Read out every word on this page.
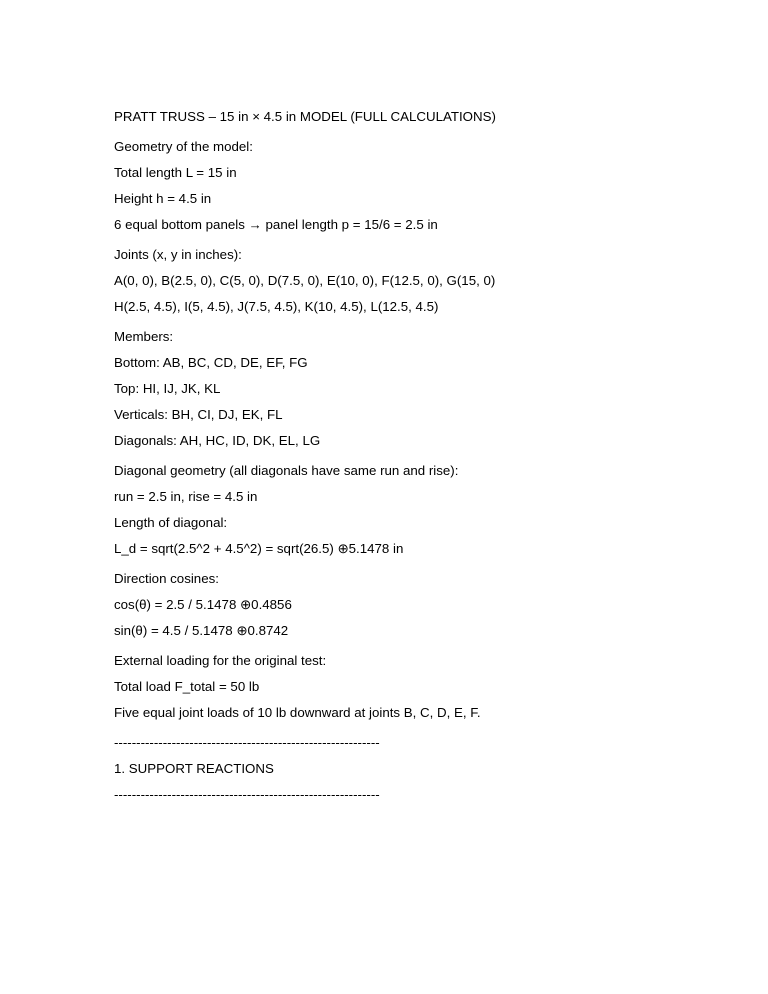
PRATT TRUSS – 15 in × 4.5 in MODEL (FULL CALCULATIONS)
Geometry of the model:
Total length L = 15 in
Height h = 4.5 in
6 equal bottom panels → panel length p = 15/6 = 2.5 in
Joints (x, y in inches):
A(0, 0), B(2.5, 0), C(5, 0), D(7.5, 0), E(10, 0), F(12.5, 0), G(15, 0)
H(2.5, 4.5), I(5, 4.5), J(7.5, 4.5), K(10, 4.5), L(12.5, 4.5)
Members:
Bottom: AB, BC, CD, DE, EF, FG
Top: HI, IJ, JK, KL
Verticals: BH, CI, DJ, EK, FL
Diagonals: AH, HC, ID, DK, EL, LG
Diagonal geometry (all diagonals have same run and rise):
run = 2.5 in, rise = 4.5 in
Length of diagonal:
L_d = sqrt(2.5^2 + 4.5^2) = sqrt(26.5) ⊕5.1478 in
Direction cosines:
cos(θ) = 2.5 / 5.1478 ⊕0.4856
sin(θ) = 4.5 / 5.1478 ⊕0.8742
External loading for the original test:
Total load F_total = 50 lb
Five equal joint loads of 10 lb downward at joints B, C, D, E, F.
------------------------------------------------------------
1. SUPPORT REACTIONS
------------------------------------------------------------
